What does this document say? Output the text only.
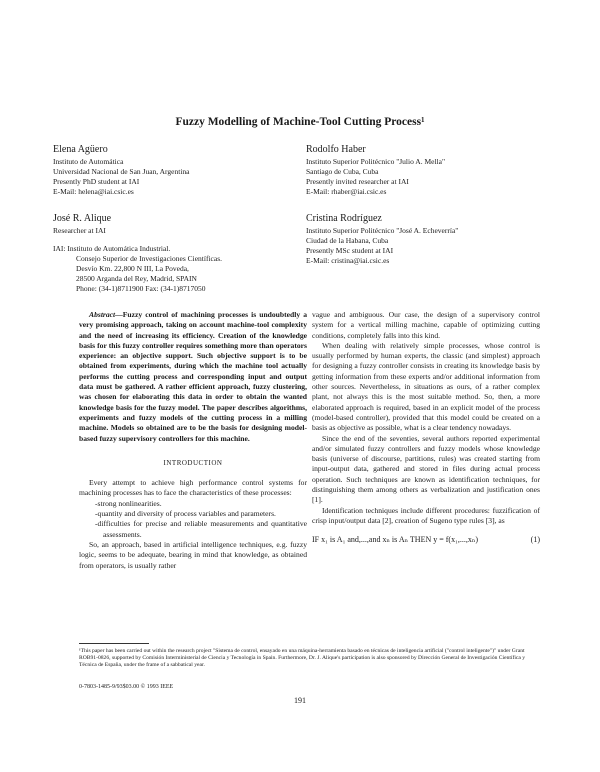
Fuzzy Modelling of Machine-Tool Cutting Process¹
Elena Agüero
Instituto de Automática
Universidad Nacional de San Juan, Argentina
Presently PhD student at IAI
E-Mail: helena@iai.csic.es
Rodolfo Haber
Instituto Superior Politécnico "Julio A. Mella"
Santiago de Cuba, Cuba
Presently invited researcher at IAI
E-Mail: rhaber@iai.csic.es
José R. Alique
Researcher at IAI
Cristina Rodríguez
Instituto Superior Politécnico "José A. Echeverría"
Ciudad de la Habana, Cuba
Presently MSc student at IAI
E-Mail: cristina@iai.csic.es
IAI: Instituto de Automática Industrial.
Consejo Superior de Investigaciones Científicas.
Desvío Km. 22,800 N III, La Poveda,
28500 Arganda del Rey, Madrid, SPAIN
Phone: (34-1)8711900 Fax: (34-1)8717050

Abstract—Fuzzy control of machining processes is undoubtedly a very promising approach, taking on account machine-tool complexity and the need of increasing its efficiency. Creation of the knowledge basis for this fuzzy controller requires something more than operators experience: an objective support. Such objective support is to be obtained from experiments, during which the machine tool actually performs the cutting process and corresponding input and output data must be gathered. A rather efficient approach, fuzzy clustering, was chosen for elaborating this data in order to obtain the wanted knowledge basis for the fuzzy model. The paper describes algorithms, experiments and fuzzy models of the cutting process in a milling machine. Models so obtained are to be the basis for designing model-based fuzzy supervisory controllers for this machine.

INTRODUCTION

Every attempt to achieve high performance control systems for machining processes has to face the characteristics of these processes:

-strong nonlinearities.

-quantity and diversity of process variables and parameters.

-difficulties for precise and reliable measurements and quantitative assessments.

So, an approach, based in artificial intelligence techniques, e.g. fuzzy logic, seems to be adequate, bearing in mind that knowledge, as obtained from operators, is usually rather

vague and ambiguous. Our case, the design of a supervisory control system for a vertical milling machine, capable of optimizing cutting conditions, completely falls into this kind.

When dealing with relatively simple processes, whose control is usually performed by human experts, the classic (and simplest) approach for designing a fuzzy controller consists in creating its knowledge basis by getting information from these experts and/or additional information from other sources. Nevertheless, in situations as ours, of a rather complex plant, not always this is the most suitable method. So, then, a more elaborated approach is required, based in an explicit model of the process (model-based controller), provided that this model could be created on a basis as objective as possible, what is a clear tendency nowadays.

Since the end of the seventies, several authors reported experimental and/or simulated fuzzy controllers and fuzzy models whose knowledge basis (universe of discourse, partitions, rules) was created starting from input-output data, gathered and stored in files during actual process operation. Such techniques are known as identification techniques, for distinguishing them among others as verbalization and justification ones [1].

Identification techniques include different procedures: fuzzification of crisp input/output data [2], creation of Sugeno type rules [3], as

IF x₁ is A₁ and,...,and xₙ is Aₙ THEN y = f(x₁,...,xₙ)	(1)

¹This paper has been carried out within the research project "Sistema de control, ensayado en una máquina-herramienta basado en técnicas de inteligencia artificial ("control inteligente")" under Grant ROB91-0826, supported by Comisión Interministerial de Ciencia y Tecnología in Spain. Furthermore, Dr. J. Alique's participation is also sponsored by Dirección General de Investigación Científica y Técnica de España, under the frame of a sabbatical year.
0-7803-1485-9/93$03.00 © 1993 IEEE
191
